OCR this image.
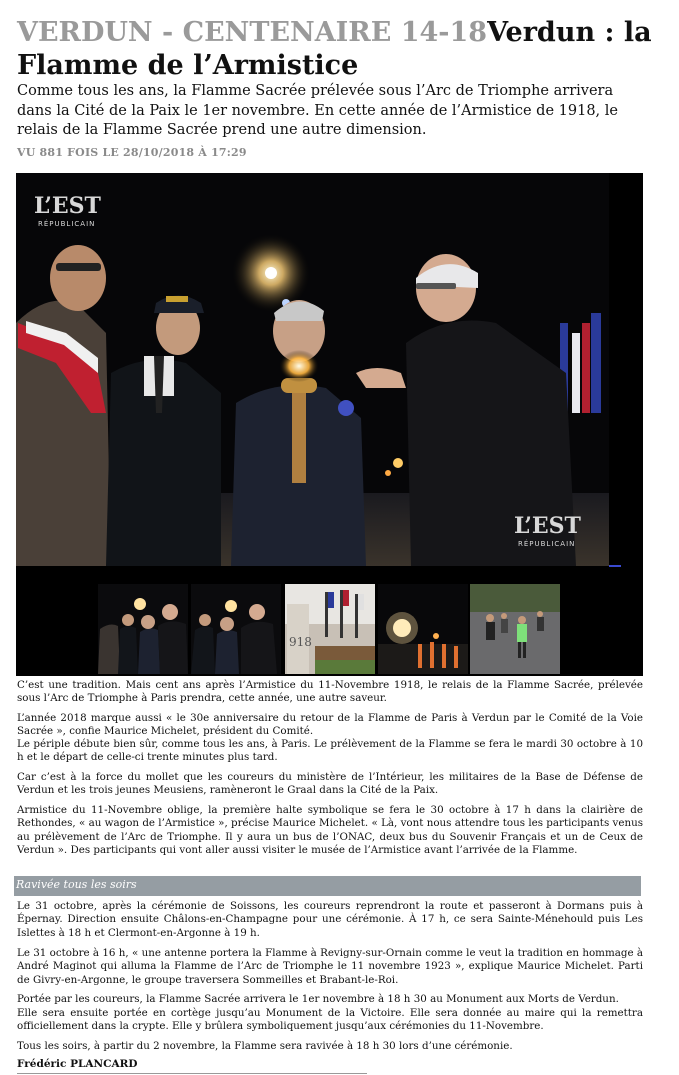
VERDUN - CENTENAIRE 14-18Verdun : la Flamme de l’Armistice

Comme tous les ans, la Flamme Sacrée prélevée sous l’Arc de Triomphe arrivera dans la Cité de la Paix le 1er novembre. En cette année de l’Armistice de 1918, le relais de la Flamme Sacrée prend une autre dimension.

VU 881 FOIS LE 28/10/2018 À 17:29
L’EST
RÉPUBLICAIN
L’EST
RÉPUBLICAIN
918

C’est une tradition. Mais cent ans après l’Armistice du 11-Novembre 1918, le relais de la Flamme Sacrée, prélevée sous l’Arc de Triomphe à Paris prendra, cette année, une autre saveur.

L’année 2018 marque aussi « le 30e anniversaire du retour de la Flamme de Paris à Verdun par le Comité de la Voie Sacrée », confie Maurice Michelet, président du Comité.

Le périple débute bien sûr, comme tous les ans, à Paris. Le prélèvement de la Flamme se fera le mardi 30 octobre à 10 h et le départ de celle-ci trente minutes plus tard.

Car c’est à la force du mollet que les coureurs du ministère de l’Intérieur, les militaires de la Base de Défense de Verdun et les trois jeunes Meusiens, ramèneront le Graal dans la Cité de la Paix.

Armistice du 11-Novembre oblige, la première halte symbolique se fera le 30 octobre à 17 h dans la clairière de Rethondes, « au wagon de l’Armistice », précise Maurice Michelet. « Là, vont nous attendre tous les participants venus au prélèvement de l’Arc de Triomphe. Il y aura un bus de l’ONAC, deux bus du Souvenir Français et un de Ceux de Verdun ». Des participants qui vont aller aussi visiter le musée de l’Armistice avant l’arrivée de la Flamme.

Ravivée tous les soirs

Le 31 octobre, après la cérémonie de Soissons, les coureurs reprendront la route et passeront à Dormans puis à Épernay. Direction ensuite Châlons-en-Champagne pour une cérémonie. À 17 h, ce sera Sainte-Ménehould puis Les Islettes à 18 h et Clermont-en-Argonne à 19 h.

Le 31 octobre à 16 h, « une antenne portera la Flamme à Revigny-sur-Ornain comme le veut la tradition en hommage à André Maginot qui alluma la Flamme de l’Arc de Triomphe le 11 novembre 1923 », explique Maurice Michelet. Parti de Givry-en-Argonne, le groupe traversera Sommeilles et Brabant-le-Roi.

Portée par les coureurs, la Flamme Sacrée arrivera le 1er novembre à 18 h 30 au Monument aux Morts de Verdun.

Elle sera ensuite portée en cortège jusqu’au Monument de la Victoire. Elle sera donnée au maire qui la remettra officiellement dans la crypte. Elle y brûlera symboliquement jusqu’aux cérémonies du 11-Novembre.

Tous les soirs, à partir du 2 novembre, la Flamme sera ravivée à 18 h 30 lors d’une cérémonie.

Frédéric PLANCARD
